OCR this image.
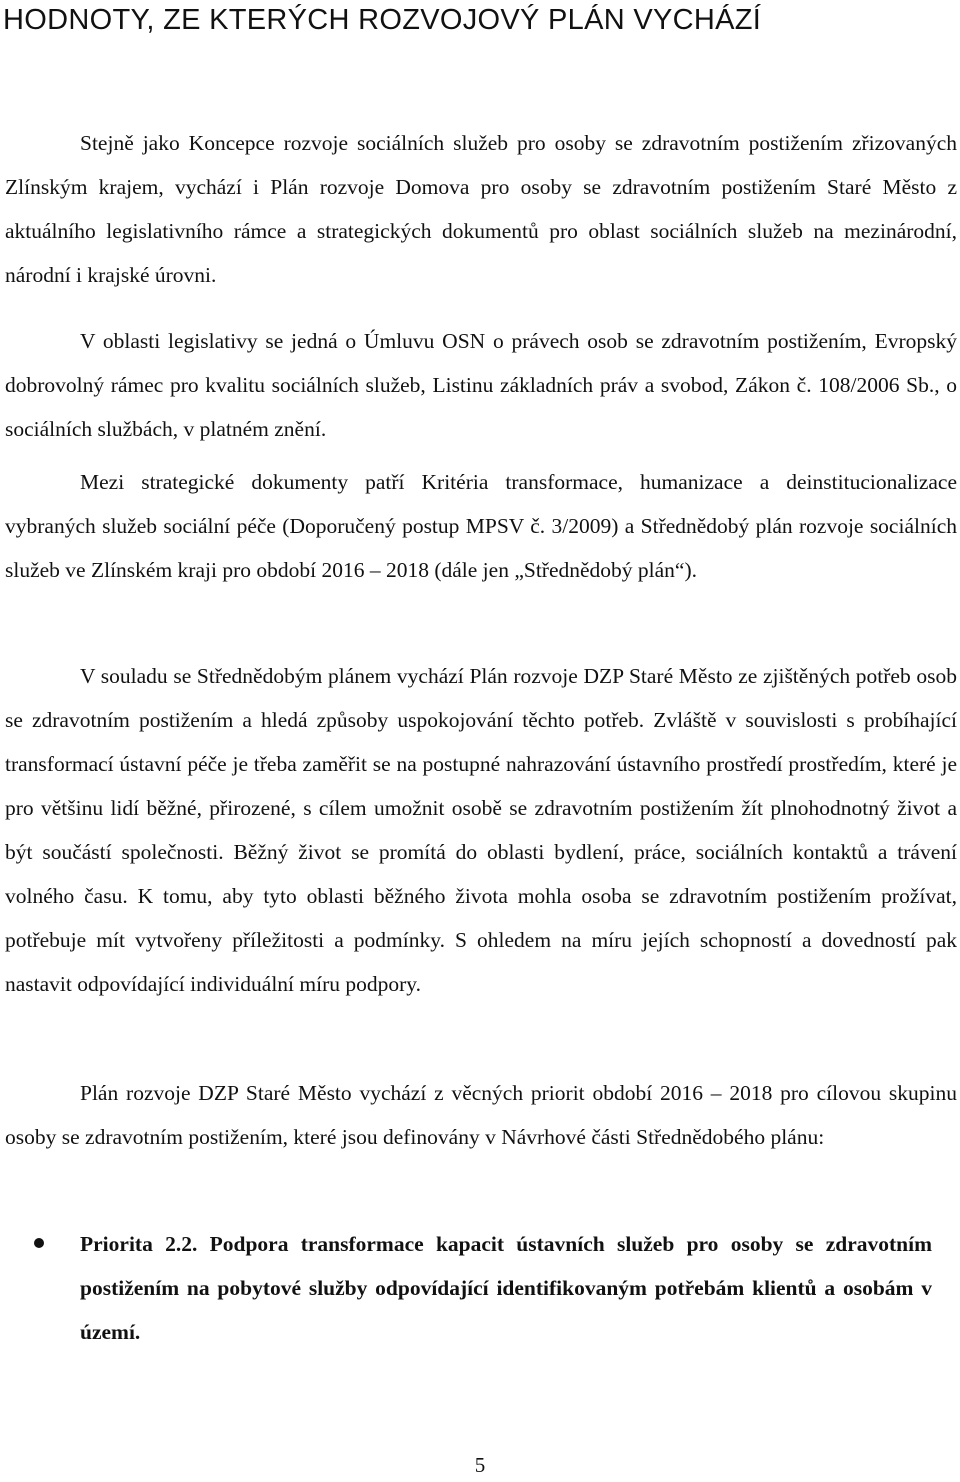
HODNOTY, ZE KTERÝCH ROZVOJOVÝ PLÁN VYCHÁZÍ

Stejně jako Koncepce rozvoje sociálních služeb pro osoby se zdravotním postižením zřizovaných Zlínským krajem, vychází i Plán rozvoje Domova pro osoby se zdravotním postižením Staré Město z aktuálního legislativního rámce a strategických dokumentů pro oblast sociálních služeb na mezinárodní, národní i krajské úrovni.

V oblasti legislativy se jedná o Úmluvu OSN o právech osob se zdravotním postižením, Evropský dobrovolný rámec pro kvalitu sociálních služeb, Listinu základních práv a svobod, Zákon č. 108/2006 Sb., o sociálních službách, v platném znění.

Mezi strategické dokumenty patří Kritéria transformace, humanizace a deinstitucionalizace vybraných služeb sociální péče (Doporučený postup MPSV č. 3/2009) a Střednědobý plán rozvoje sociálních služeb ve Zlínském kraji pro období 2016 – 2018 (dále jen „Střednědobý plán“).

V souladu se Střednědobým plánem vychází Plán rozvoje DZP Staré Město ze zjištěných potřeb osob se zdravotním postižením a hledá způsoby uspokojování těchto potřeb. Zvláště v souvislosti s probíhající transformací ústavní péče je třeba zaměřit se na postupné nahrazování ústavního prostředí prostředím, které je pro většinu lidí běžné, přirozené, s cílem umožnit osobě se zdravotním postižením žít plnohodnotný život a být součástí společnosti. Běžný život se promítá do oblasti bydlení, práce, sociálních kontaktů a trávení volného času. K tomu, aby tyto oblasti běžného života mohla osoba se zdravotním postižením prožívat, potřebuje mít vytvořeny příležitosti a podmínky. S ohledem na míru jejích schopností a dovedností pak nastavit odpovídající individuální míru podpory.

Plán rozvoje DZP Staré Město vychází z věcných priorit období 2016 – 2018 pro cílovou skupinu osoby se zdravotním postižením, které jsou definovány v Návrhové části Střednědobého plánu:

Priorita 2.2. Podpora transformace kapacit ústavních služeb pro osoby se zdravotním postižením na pobytové služby odpovídající identifikovaným potřebám klientů a osobám v území.
5
